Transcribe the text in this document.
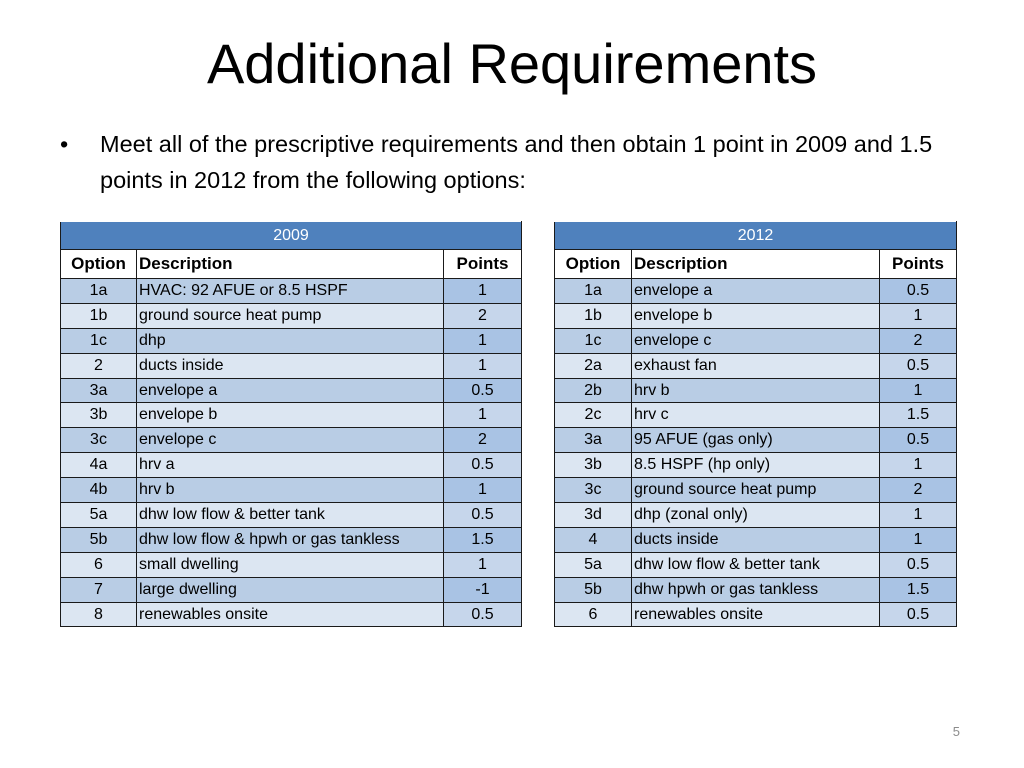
Additional Requirements
•	Meet all of the prescriptive requirements and then obtain 1 point in 2009 and 1.5 points in 2012 from the following options:
2009		
Option	Description	Points
1a	HVAC: 92 AFUE or 8.5 HSPF	1
1b	ground source heat pump	2
1c	dhp	1
2	ducts inside	1
3a	envelope a	0.5
3b	envelope b	1
3c	envelope c	2
4a	hrv a	0.5
4b	hrv b	1
5a	dhw low flow & better tank	0.5
5b	dhw low flow & hpwh or gas tankless	1.5
6	small dwelling	1
7	large dwelling	-1
8	renewables onsite	0.5
2012		
Option	Description	Points
1a	envelope a	0.5
1b	envelope b	1
1c	envelope c	2
2a	exhaust fan	0.5
2b	hrv b	1
2c	hrv c	1.5
3a	95 AFUE (gas only)	0.5
3b	8.5 HSPF (hp only)	1
3c	ground source heat pump	2
3d	dhp (zonal only)	1
4	ducts inside	1
5a	dhw low flow & better tank	0.5
5b	dhw hpwh or gas tankless	1.5
6	renewables onsite	0.5
5
